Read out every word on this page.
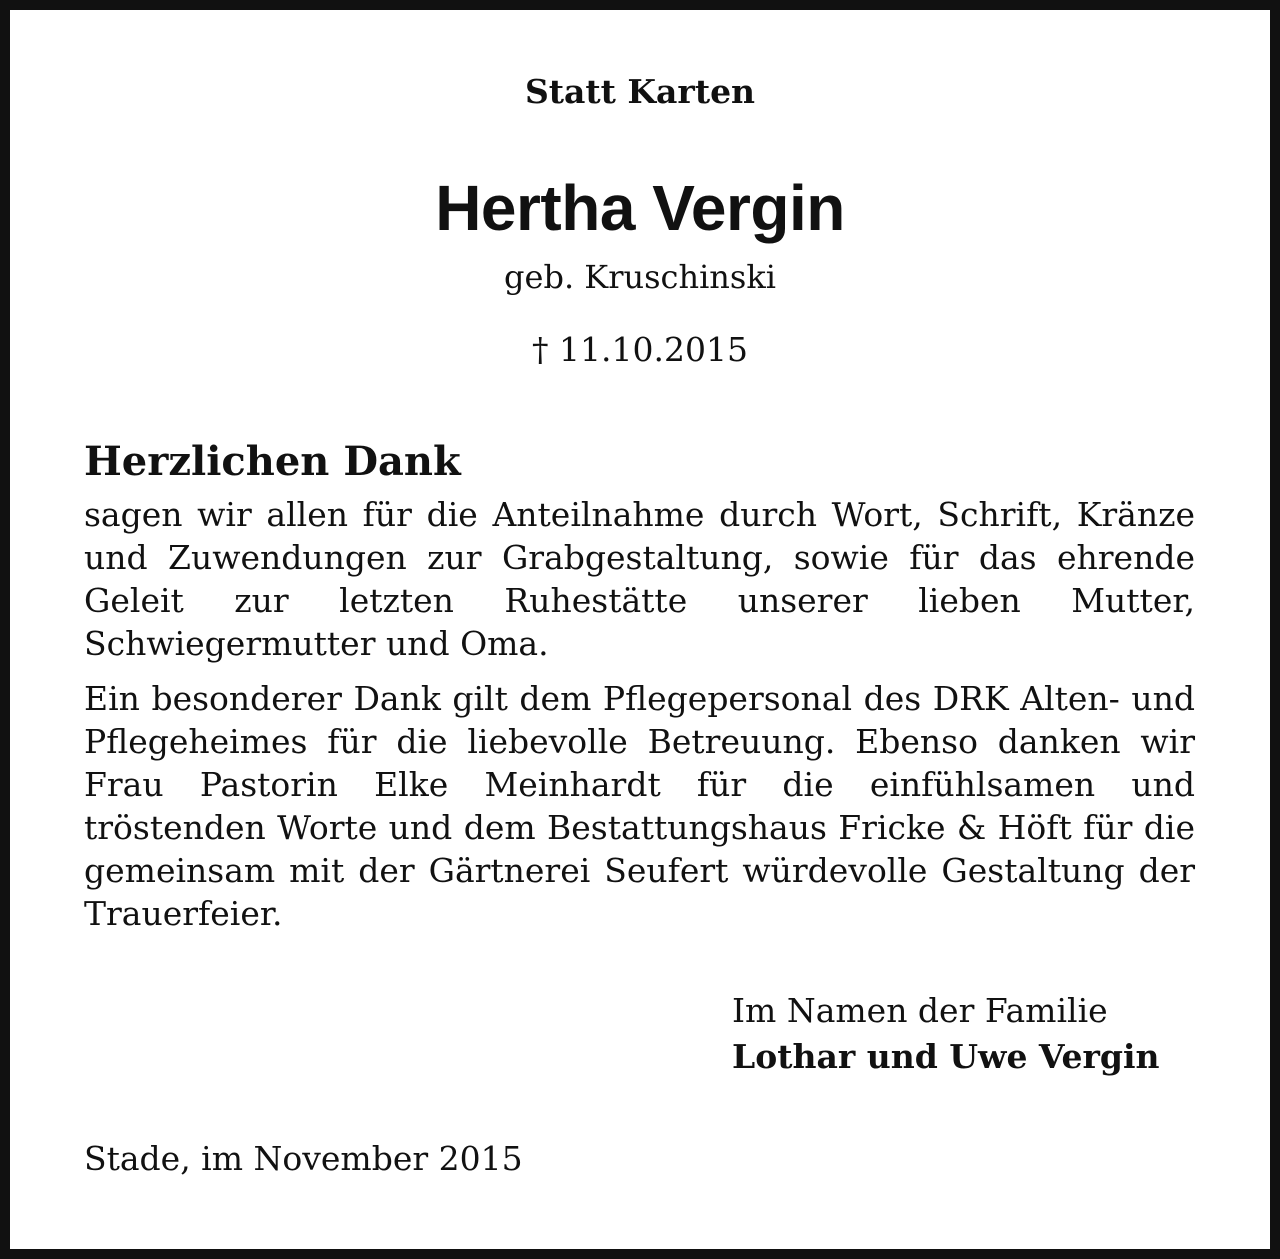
Statt Karten
Hertha Vergin
geb. Kruschinski
† 11.10.2015
Herzlichen Dank

sagen wir allen für die Anteilnahme durch Wort, Schrift, Kränze und Zuwendungen zur Grabgestaltung, sowie für das ehrende Geleit zur letzten Ruhestätte unserer lieben Mutter, Schwiegermutter und Oma.

Ein besonderer Dank gilt dem Pflegepersonal des DRK Alten- und Pflegeheimes für die liebevolle Betreuung. Ebenso danken wir Frau Pastorin Elke Meinhardt für die einfühlsamen und tröstenden Worte und dem Bestattungshaus Fricke & Höft für die gemeinsam mit der Gärtnerei Seufert würdevolle Gestaltung der Trauerfeier.

Im Namen der Familie
Lothar und Uwe Vergin
Stade, im November 2015
